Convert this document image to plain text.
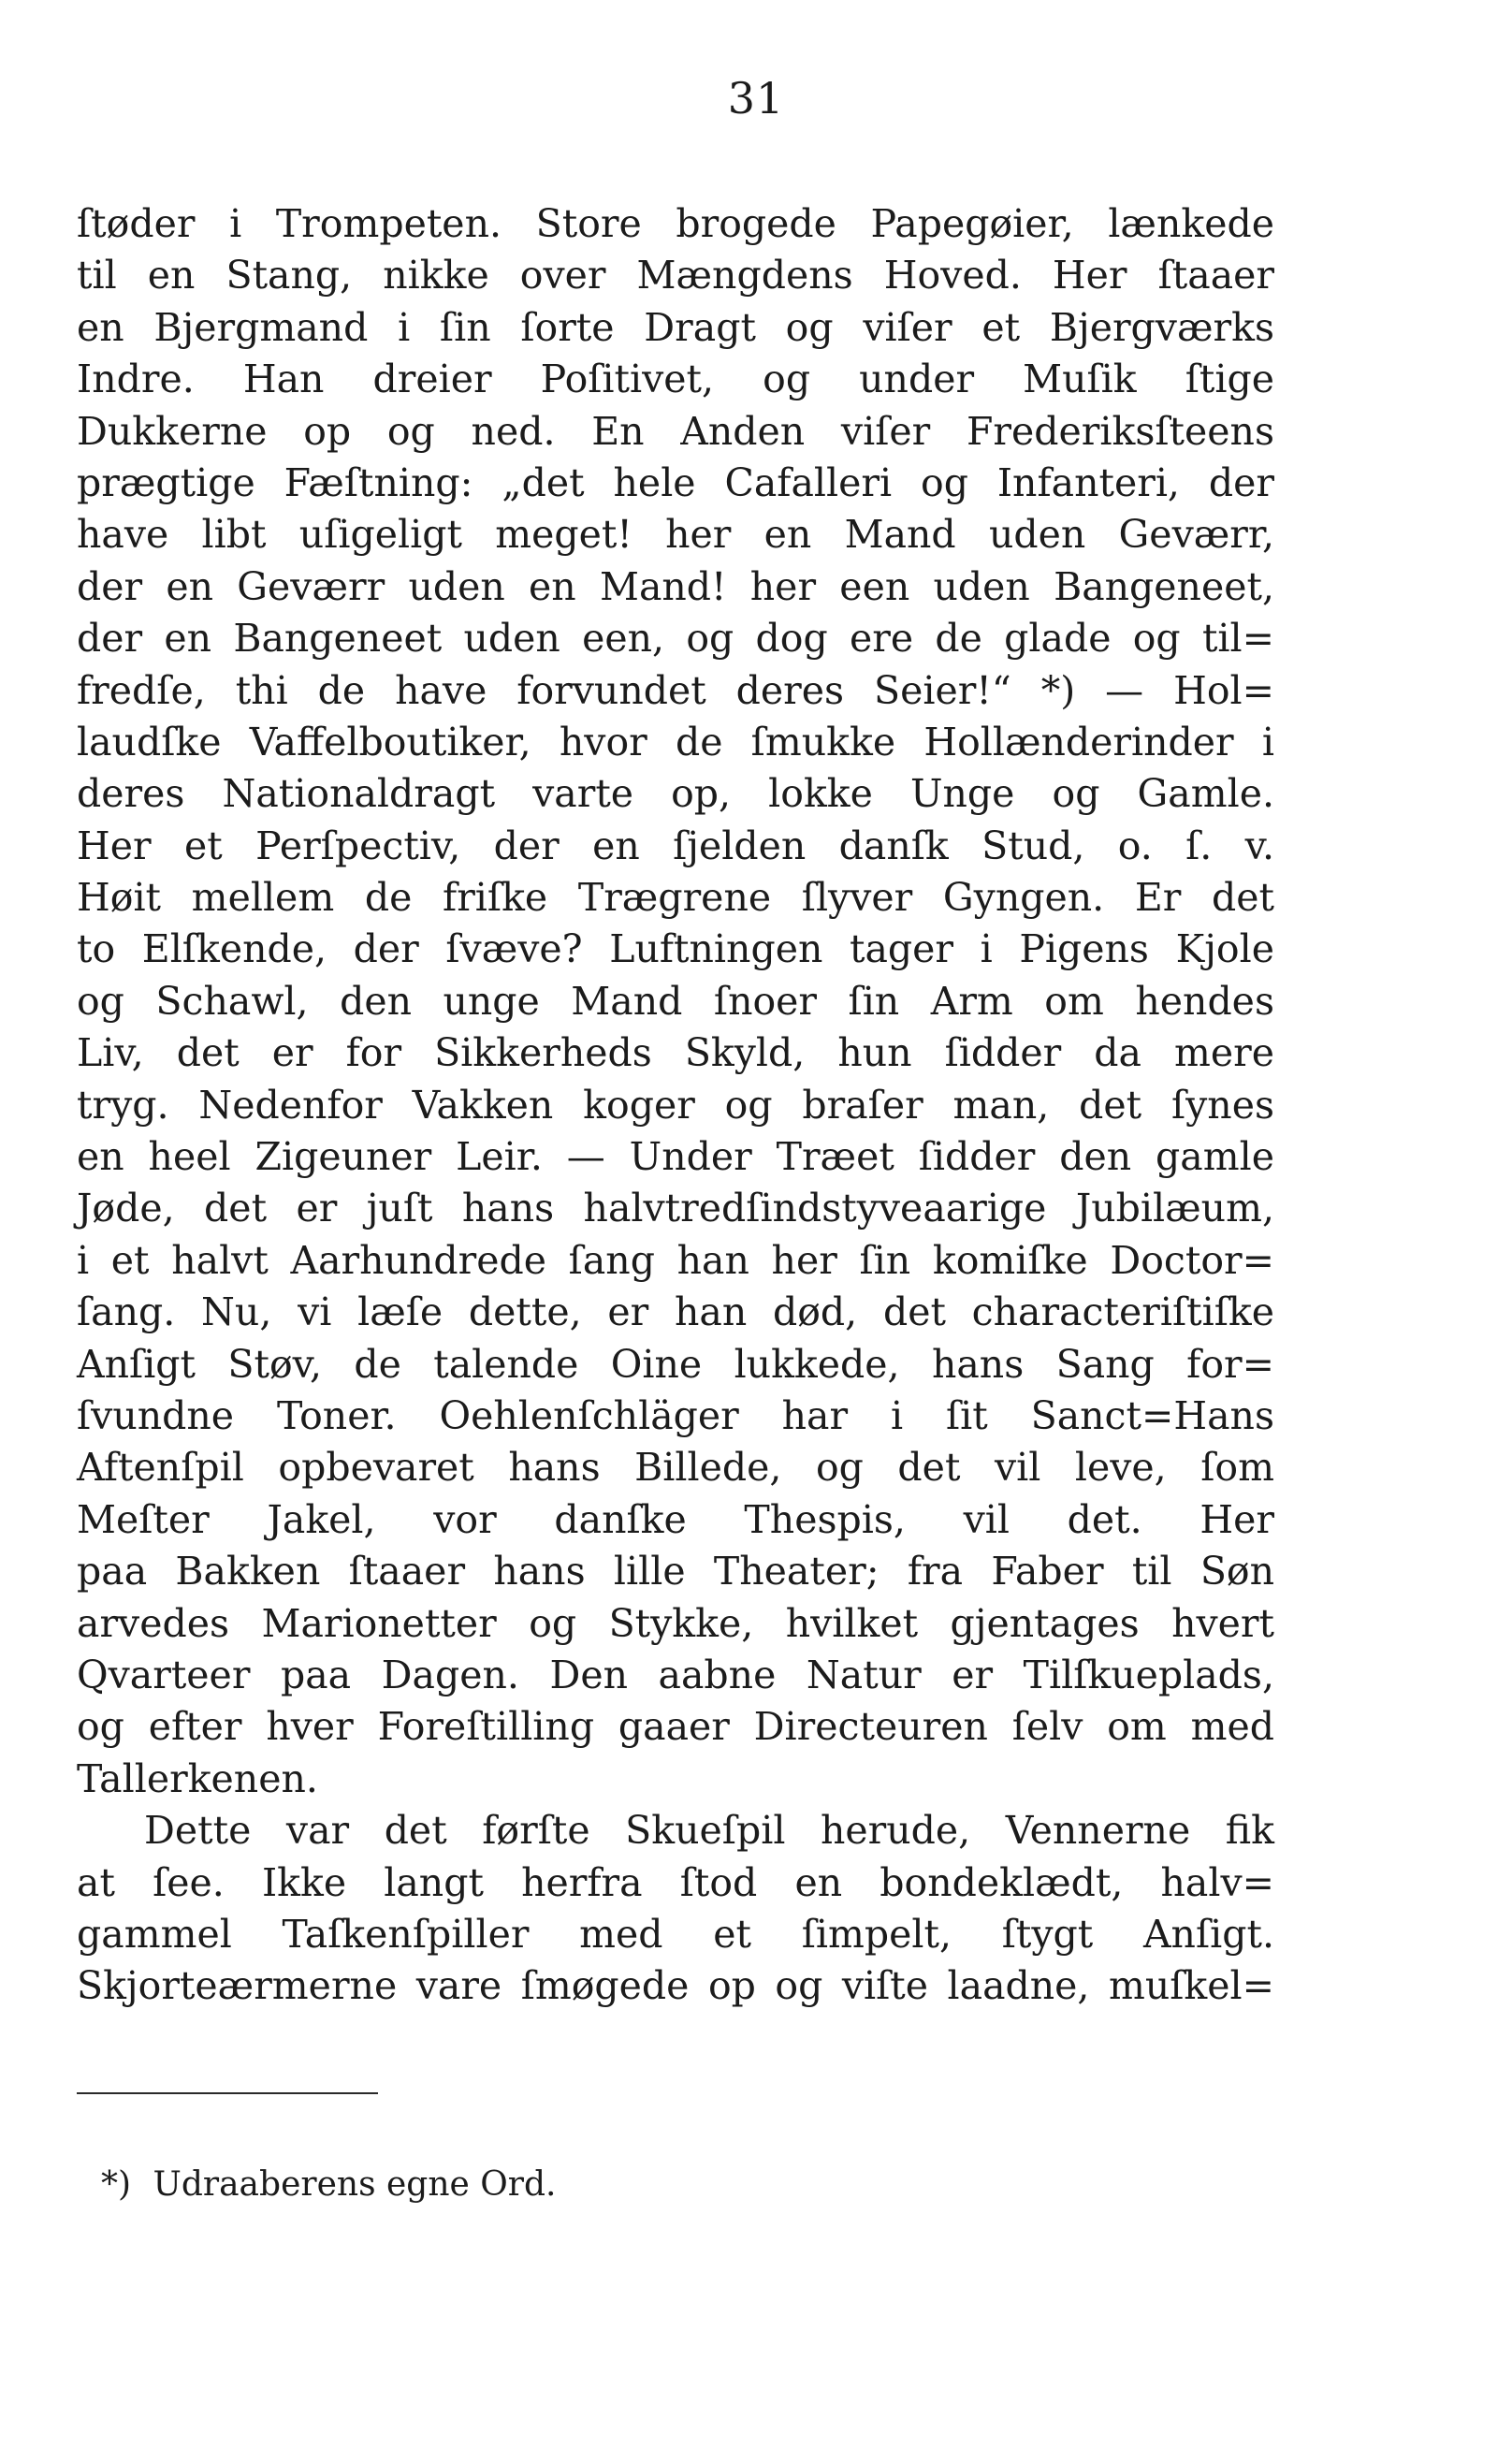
31
ſtøder i Trompeten. Store brogede Papegøier, lænkede
til en Stang, nikke over Mængdens Hoved. Her ſtaaer
en Bjergmand i ſin ſorte Dragt og viſer et Bjergværks
Indre. Han dreier Poſitivet, og under Muſik ſtige
Dukkerne op og ned. En Anden viſer Frederiksſteens
prægtige Fæſtning: „det hele Cafalleri og Infanteri, der
have libt uſigeligt meget! her en Mand uden Geværr,
der en Geværr uden en Mand! her een uden Bangeneet,
der en Bangeneet uden een, og dog ere de glade og til=
fredſe, thi de have forvundet deres Seier!“ *) — Hol=
laudſke Vaffelboutiker, hvor de ſmukke Hollænderinder i
deres Nationaldragt varte op, lokke Unge og Gamle.
Her et Perſpectiv, der en ſjelden danſk Stud, o. ſ. v.
Høit mellem de friſke Trægrene ſlyver Gyngen. Er det
to Elſkende, der ſvæve? Luftningen tager i Pigens Kjole
og Schawl, den unge Mand ſnoer ſin Arm om hendes
Liv, det er for Sikkerheds Skyld, hun ſidder da mere
tryg. Nedenfor Vakken koger og braſer man, det ſynes
en heel Zigeuner Leir. — Under Træet ſidder den gamle
Jøde, det er juſt hans halvtredſindstyveaarige Jubilæum,
i et halvt Aarhundrede ſang han her ſin komiſke Doctor=
ſang. Nu, vi læſe dette, er han død, det characteriſtiſke
Anſigt Støv, de talende Oine lukkede, hans Sang for=
ſvundne Toner. Oehlenſchläger har i ſit Sanct=Hans
Aftenſpil opbevaret hans Billede, og det vil leve, ſom
Meſter Jakel, vor danſke Thespis, vil det. Her
paa Bakken ſtaaer hans lille Theater; fra Faber til Søn
arvedes Marionetter og Stykke, hvilket gjentages hvert
Qvarteer paa Dagen. Den aabne Natur er Tilſkueplads,
og efter hver Foreſtilling gaaer Directeuren ſelv om med
Tallerkenen.
Dette var det førſte Skueſpil herude, Vennerne fik
at ſee. Ikke langt herfra ſtod en bondeklædt, halv=
gammel Taſkenſpiller med et ſimpelt, ſtygt Anſigt.
Skjorteærmerne vare ſmøgede op og viſte laadne, muſkel=
*) Udraaberens egne Ord.
